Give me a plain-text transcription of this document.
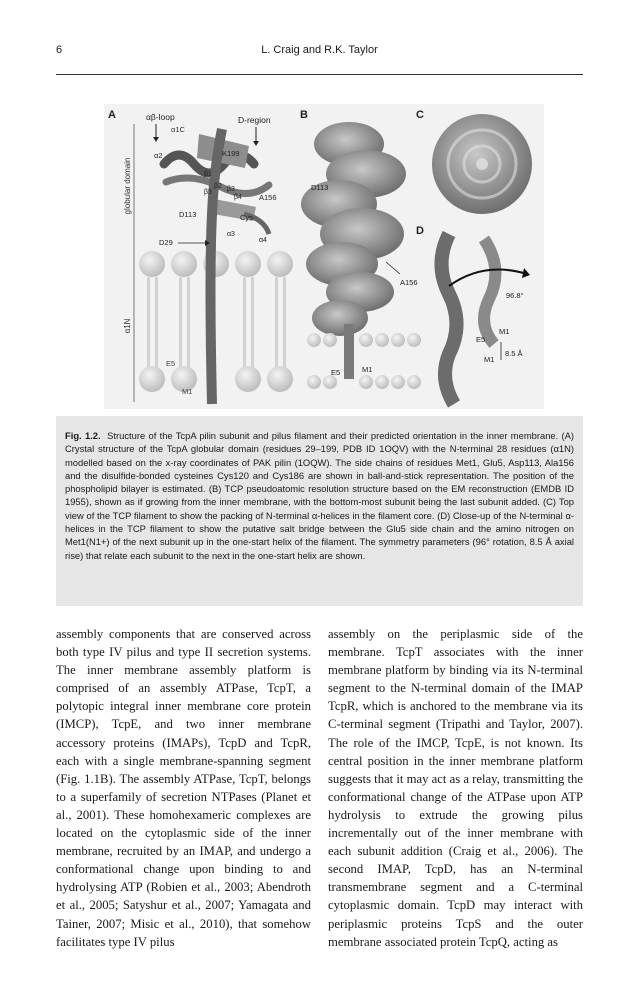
6	L. Craig and R.K. Taylor
A
globular domain
α1N
αβ-loop
α1C
D-region
α2	K199
β1
β2 β3
β4
β5
A156
D113	Cys
α3
α4
D29
E5
M1
B
D113
A156
E5	M1
C
D
96.8°
M1
E5
8.5 Å
M1

Fig. 1.2. Structure of the TcpA pilin subunit and pilus filament and their predicted orientation in the inner membrane. (A) Crystal structure of the TcpA globular domain (residues 29–199, PDB ID 1OQV) with the N-terminal 28 residues (α1N) modelled based on the x-ray coordinates of PAK pilin (1OQW). The side chains of residues Met1, Glu5, Asp113, Ala156 and the disulfide-bonded cysteines Cys120 and Cys186 are shown in ball-and-stick representation. The position of the phospholipid bilayer is estimated. (B) TCP pseudoatomic resolution structure based on the EM reconstruction (EMDB ID 1955), shown as if growing from the inner membrane, with the bottom-most subunit being the last subunit added. (C) Top view of the TCP filament to show the packing of N-terminal α-helices in the filament core. (D) Close-up of the N-terminal α-helices in the TCP filament to show the putative salt bridge between the Glu5 side chain and the amino nitrogen on Met1(N1+) of the next subunit up in the one-start helix of the filament. The symmetry parameters (96° rotation, 8.5 Å axial rise) that relate each subunit to the next in the one-start helix are shown.

assembly components that are conserved across both type IV pilus and type II secretion systems. The inner membrane assembly platform is comprised of an assembly ATPase, TcpT, a polytopic integral inner membrane core protein (IMCP), TcpE, and two inner membrane accessory proteins (IMAPs), TcpD and TcpR, each with a single membrane-spanning segment (Fig. 1.1B). The assembly ATPase, TcpT, belongs to a superfamily of secretion NTPases (Planet et al., 2001). These homohexameric complexes are located on the cytoplasmic side of the inner membrane, recruited by an IMAP, and undergo a conformational change upon binding to and hydrolysing ATP (Robien et al., 2003; Abendroth et al., 2005; Satyshur et al., 2007; Yamagata and Tainer, 2007; Misic et al., 2010), that somehow facilitates type IV pilus

assembly on the periplasmic side of the membrane. TcpT associates with the inner membrane platform by binding via its N-terminal segment to the N-terminal domain of the IMAP TcpR, which is anchored to the membrane via its C-terminal segment (Tripathi and Taylor, 2007). The role of the IMCP, TcpE, is not known. Its central position in the inner membrane platform suggests that it may act as a relay, transmitting the conformational change of the ATPase upon ATP hydrolysis to extrude the growing pilus incrementally out of the inner membrane with each subunit addition (Craig et al., 2006). The second IMAP, TcpD, has an N-terminal transmembrane segment and a C-terminal cytoplasmic domain. TcpD may interact with periplasmic proteins TcpS and the outer membrane associated protein TcpQ, acting as
